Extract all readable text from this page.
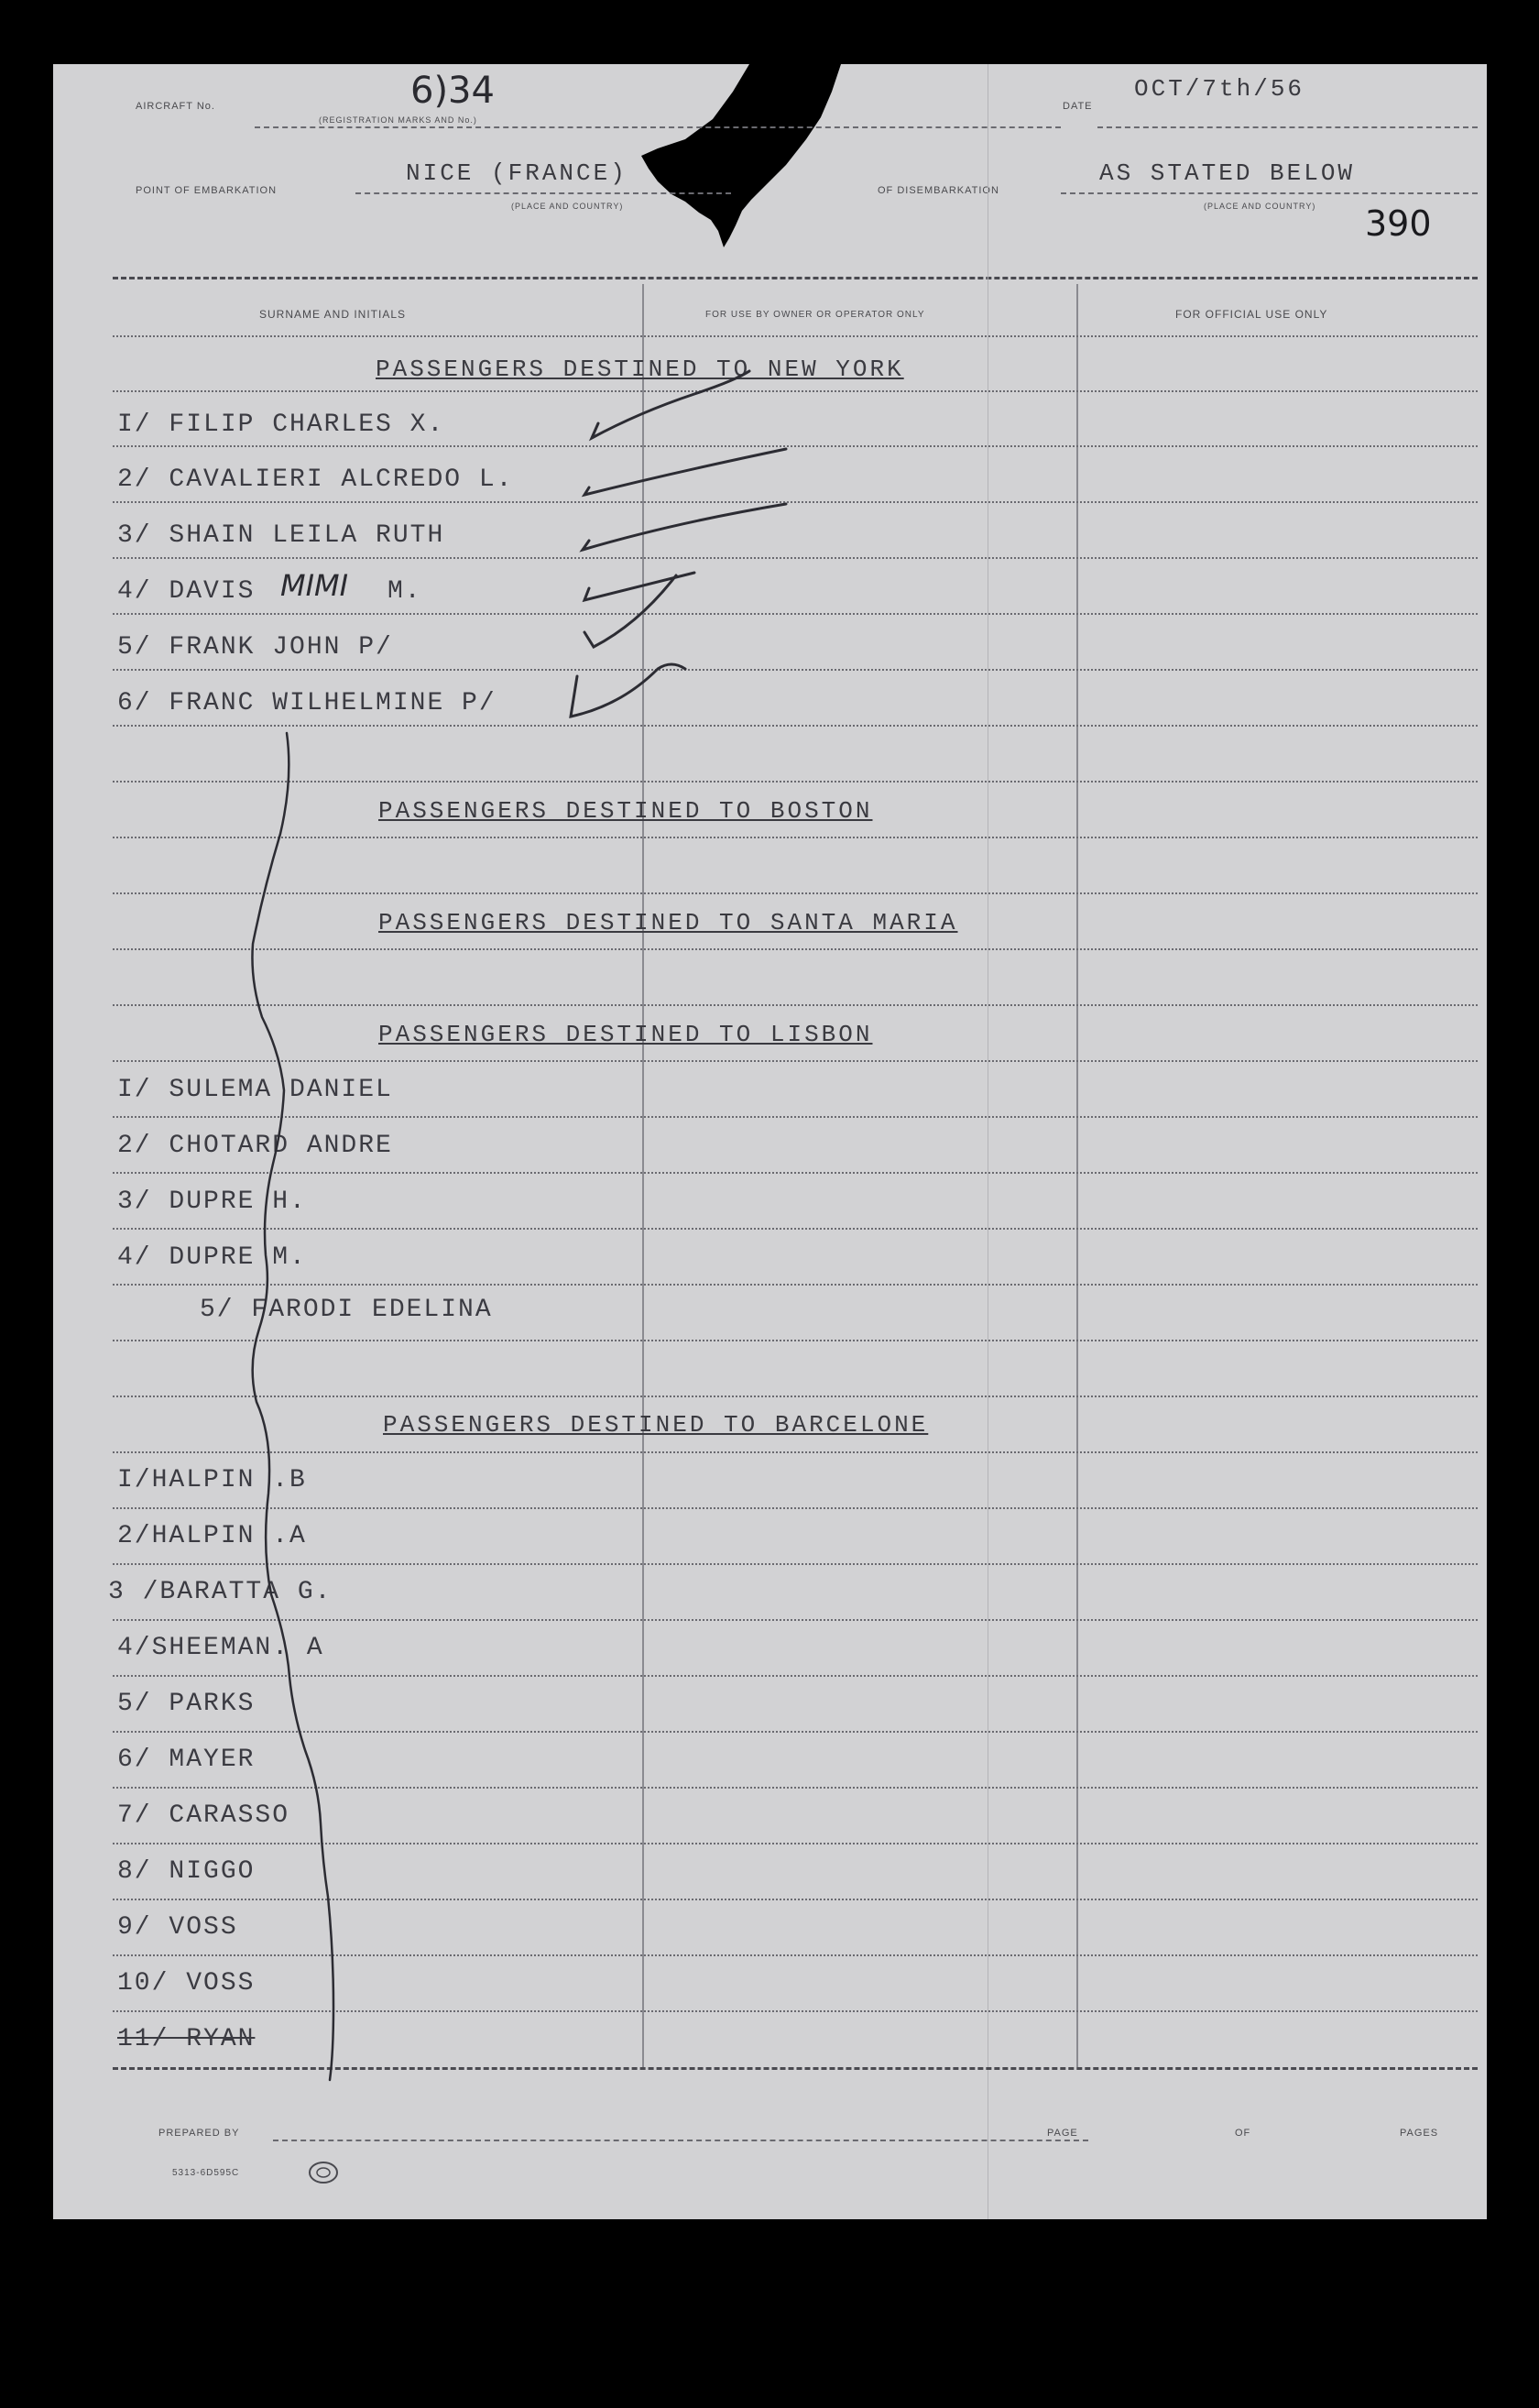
AIRCRAFT No.	6)34
(REGISTRATION MARKS AND No.)
DATE
OCT/7th/56
POINT OF EMBARKATION
NICE (FRANCE)
(PLACE AND COUNTRY)
OF DISEMBARKATION
AS STATED BELOW
(PLACE AND COUNTRY) 390
SURNAME AND INITIALS	FOR USE BY OWNER OR OPERATOR ONLY	FOR OFFICIAL USE ONLY
PASSENGERS DESTINED TO NEW YORK
I/ FILIP CHARLES X.
2/ CAVALIERI ALCREDO L.
3/ SHAIN LEILA RUTH
4/ DAVIS MIMI M.
5/ FRANK JOHN P/
6/ FRANC WILHELMINE P/
PASSENGERS DESTINED TO BOSTON
PASSENGERS DESTINED TO SANTA MARIA
PASSENGERS DESTINED TO LISBON
I/ SULEMA DANIEL
2/ CHOTARD ANDRE
3/ DUPRE H.
4/ DUPRE M.
5/ FARODI EDELINA
PASSENGERS DESTINED TO BARCELONE
I/HALPIN .B
2/HALPIN .A
3 /BARATTA G.
4/SHEEMAN. A
5/ PARKS
6/ MAYER
7/ CARASSO
8/ NIGGO
9/ VOSS
10/ VOSS
11/ RYAN
PREPARED BY	PAGE	OF	PAGES
5313-6D595C
